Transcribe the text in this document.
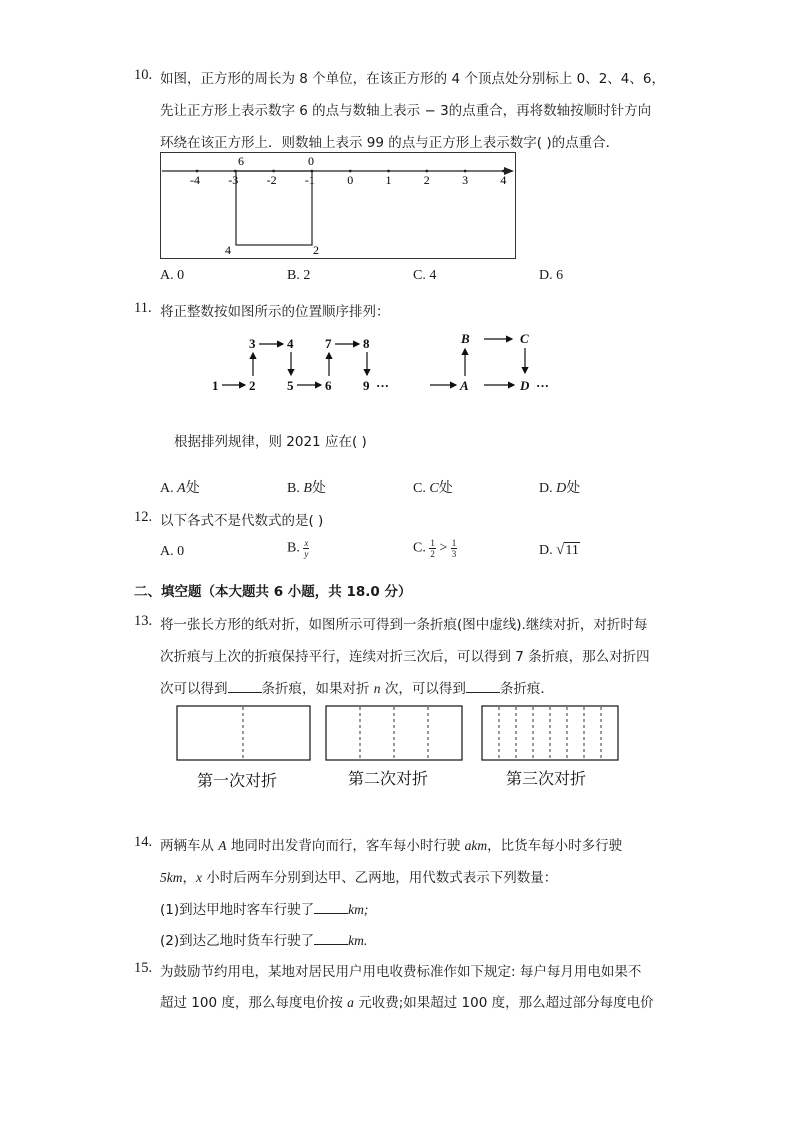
10. 如图，正方形的周长为 8 个单位，在该正方形的 4 个顶点处分别标上 0、2、4、6，
先让正方形上表示数字 6 的点与数轴上表示 − 3的点重合，再将数轴按顺时针方向
环绕在该正方形上．则数轴上表示 99 的点与正方形上表示数字( )的点重合．
-4 -3 -2 -1	0	1	2	3	4
6	0
4	2
A. 0	B. 2	C. 4	D. 6
11. 将正整数按如图所示的位置顺序排列：
1 2
3 4
5 6
7 8
9 ···	A
B	C
D ···
根据排列规律，则 2021 应在( )
A. A处	B. B处	C. C处	D. D处
12. 以下各式不是代数式的是( )
A. 0	B. $\frac{x}{y}$	C. $\frac{1}{2} > \frac{1}{3}$	D. √11
二、填空题（本大题共 6 小题，共 18.0 分）
13. 将一张长方形的纸对折，如图所示可得到一条折痕(图中虚线).继续对折，对折时每
次折痕与上次的折痕保持平行，连续对折三次后，可以得到 7 条折痕，那么对折四
次可以得到	条折痕，如果对折 n 次，可以得到	条折痕．
第一次对折	第二次对折	第三次对折
14. 两辆车从 A 地同时出发背向而行，客车每小时行驶 akm，比货车每小时多行驶
5km，x 小时后两车分别到达甲、乙两地，用代数式表示下列数量：
(1)到达甲地时客车行驶了	km;
(2)到达乙地时货车行驶了	km.
15. 为鼓励节约用电，某地对居民用户用电收费标准作如下规定: 每户每月用电如果不
超过 100 度，那么每度电价按 a 元收费;如果超过 100 度，那么超过部分每度电价
